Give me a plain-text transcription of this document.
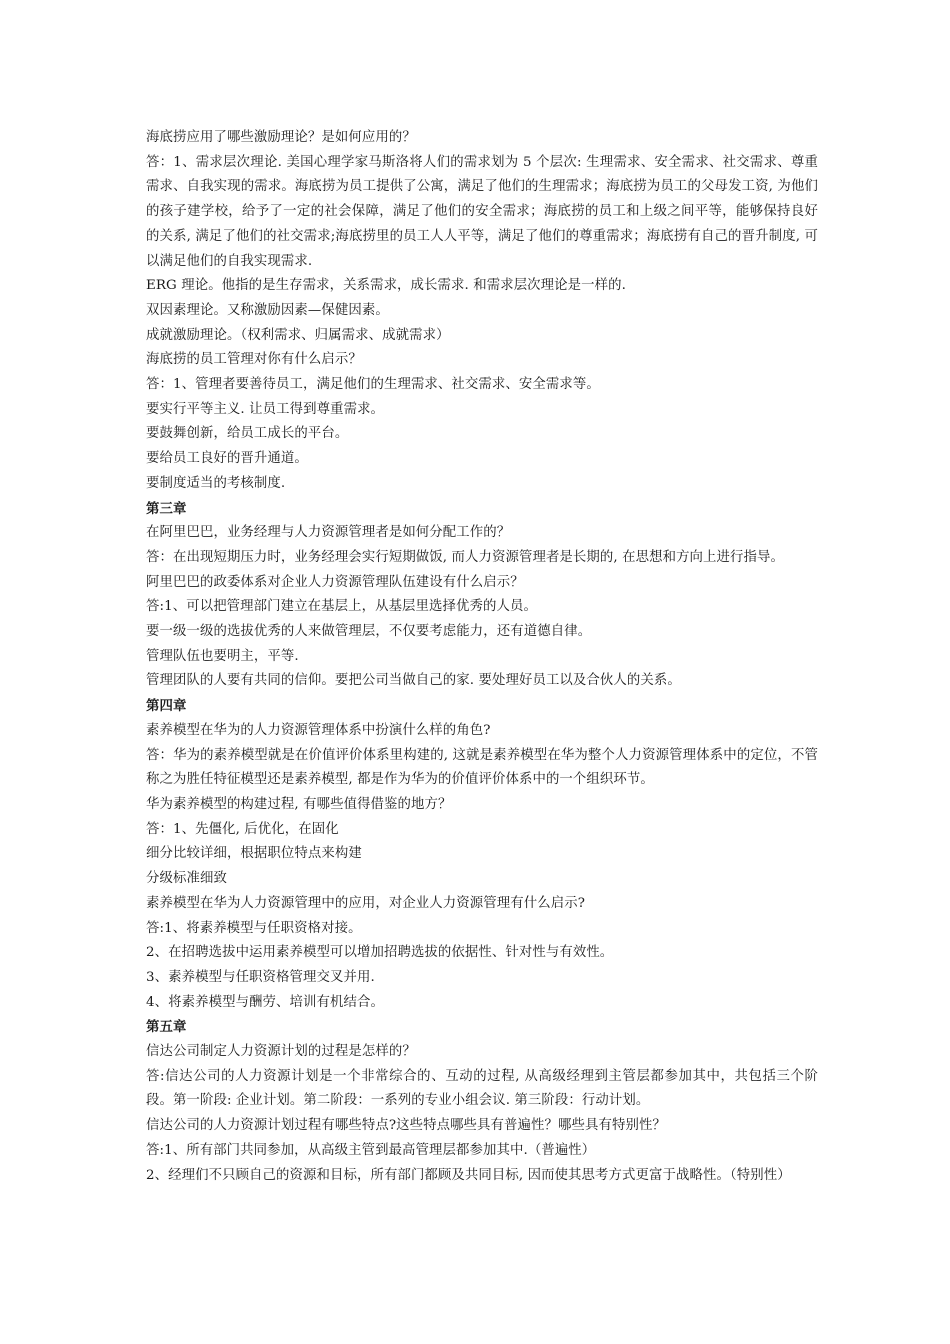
海底捞应用了哪些激励理论？是如何应用的？

答：1、需求层次理论. 美国心理学家马斯洛将人们的需求划为 5 个层次: 生理需求、安全需求、社交需求、尊重需求、自我实现的需求。海底捞为员工提供了公寓，满足了他们的生理需求；海底捞为员工的父母发工资, 为他们的孩子建学校，给予了一定的社会保障，满足了他们的安全需求；海底捞的员工和上级之间平等，能够保持良好的关系, 满足了他们的社交需求;海底捞里的员工人人平等，满足了他们的尊重需求；海底捞有自己的晋升制度, 可以满足他们的自我实现需求.

ERG 理论。他指的是生存需求，关系需求，成长需求. 和需求层次理论是一样的.

双因素理论。又称激励因素—保健因素。

成就激励理论。（权利需求、归属需求、成就需求）

海底捞的员工管理对你有什么启示？

答：1、管理者要善待员工，满足他们的生理需求、社交需求、安全需求等。

要实行平等主义. 让员工得到尊重需求。

要鼓舞创新，给员工成长的平台。

要给员工良好的晋升通道。

要制度适当的考核制度.

第三章

在阿里巴巴，业务经理与人力资源管理者是如何分配工作的？

答：在出现短期压力时，业务经理会实行短期做饭, 而人力资源管理者是长期的, 在思想和方向上进行指导。

阿里巴巴的政委体系对企业人力资源管理队伍建设有什么启示？

答:1、可以把管理部门建立在基层上，从基层里选择优秀的人员。

要一级一级的选拔优秀的人来做管理层，不仅要考虑能力，还有道德自律。

管理队伍也要明主，平等.

管理团队的人要有共同的信仰。要把公司当做自己的家. 要处理好员工以及合伙人的关系。

第四章

素养模型在华为的人力资源管理体系中扮演什么样的角色?

答：华为的素养模型就是在价值评价体系里构建的, 这就是素养模型在华为整个人力资源管理体系中的定位，不管称之为胜任特征模型还是素养模型, 都是作为华为的价值评价体系中的一个组织环节。

华为素养模型的构建过程, 有哪些值得借鉴的地方？

答：1、先僵化, 后优化，在固化

细分比较详细，根据职位特点来构建

分级标准细致

素养模型在华为人力资源管理中的应用，对企业人力资源管理有什么启示?

答:1、将素养模型与任职资格对接。

2、在招聘选拔中运用素养模型可以增加招聘选拔的依据性、针对性与有效性。

3、素养模型与任职资格管理交叉并用.

4、将素养模型与酬劳、培训有机结合。

第五章

信达公司制定人力资源计划的过程是怎样的？

答:信达公司的人力资源计划是一个非常综合的、互动的过程, 从高级经理到主管层都参加其中，共包括三个阶段。第一阶段: 企业计划。第二阶段：一系列的专业小组会议. 第三阶段：行动计划。

信达公司的人力资源计划过程有哪些特点?这些特点哪些具有普遍性？哪些具有特别性？

答:1、所有部门共同参加，从高级主管到最高管理层都参加其中.（普遍性）

2、经理们不只顾自己的资源和目标，所有部门都顾及共同目标, 因而使其思考方式更富于战略性。（特别性）
